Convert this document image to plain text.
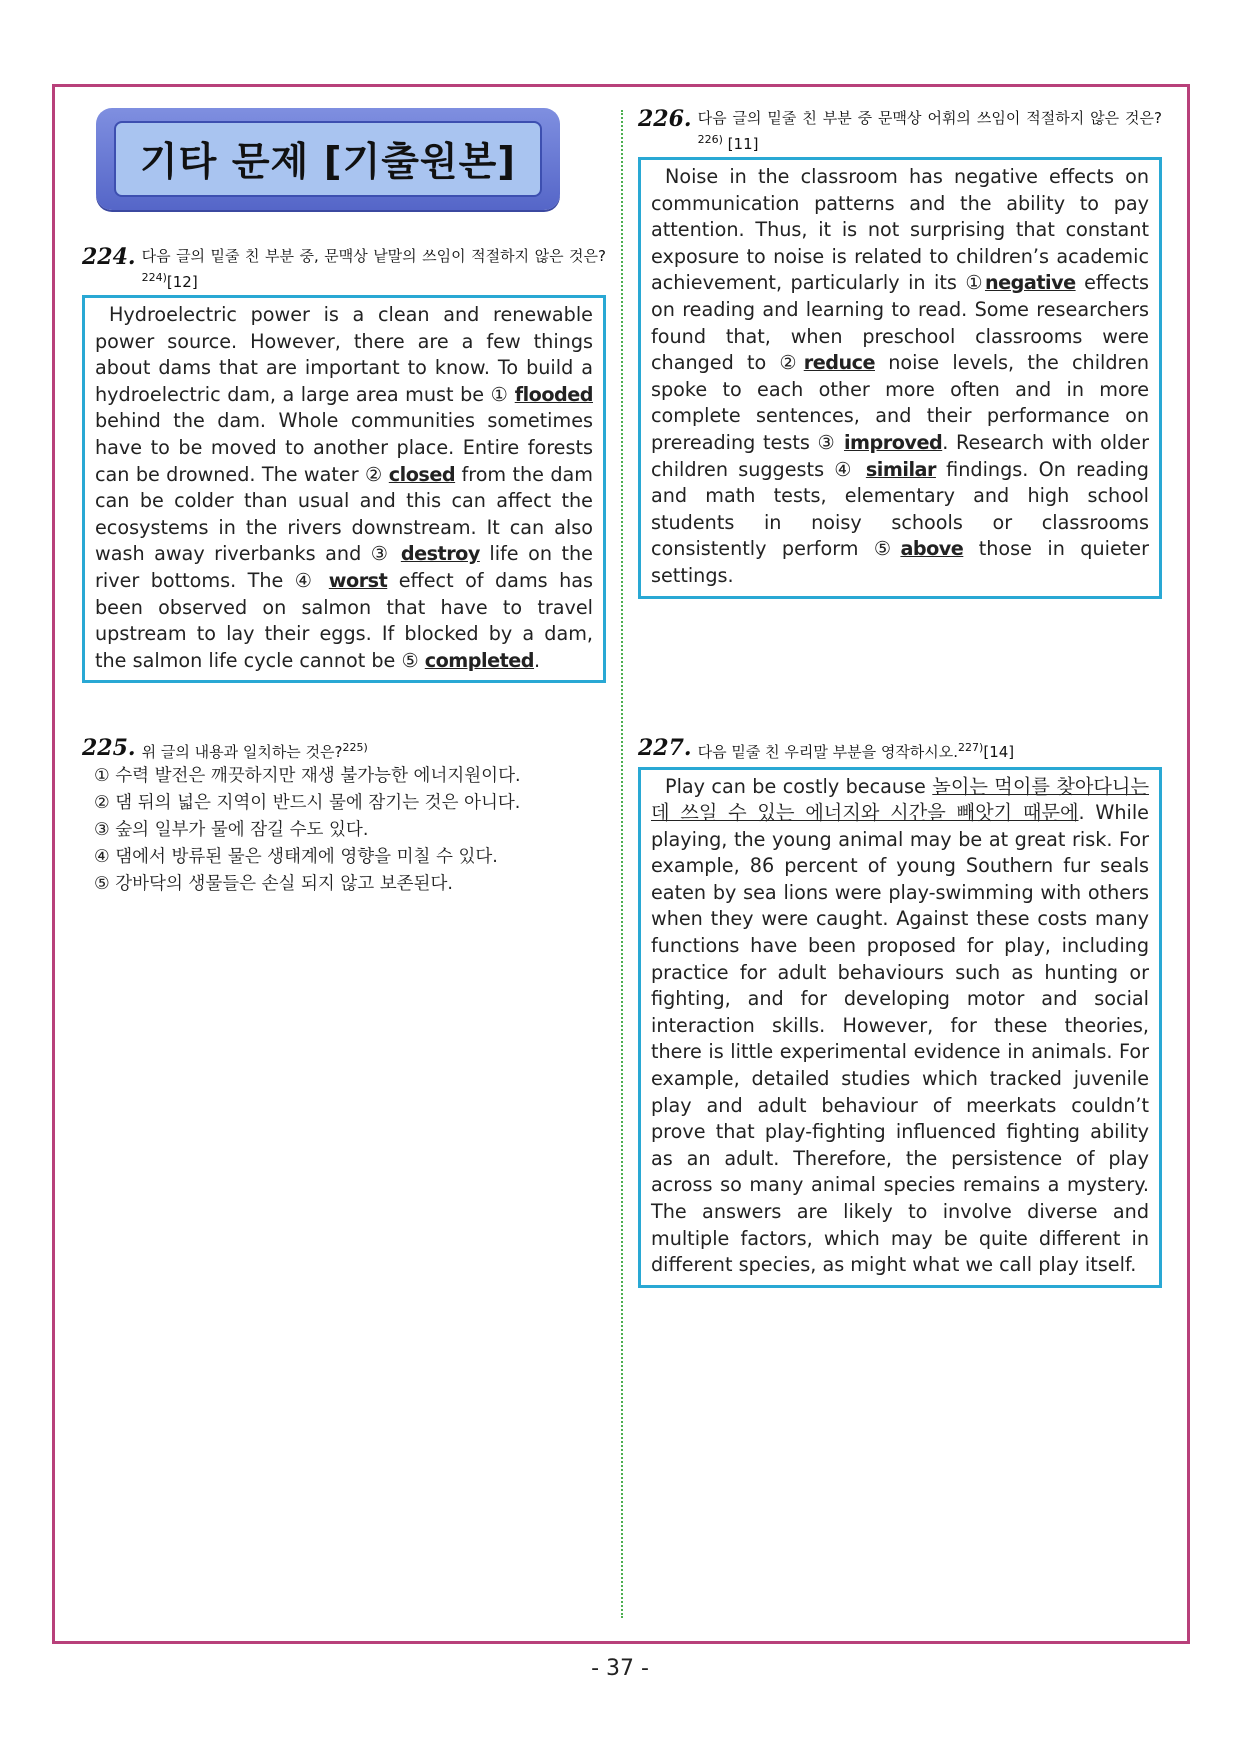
기타 문제 [기출원본]
224. 다음 글의 밑줄 친 부분 중, 문맥상 낱말의 쓰임이 적절하지 않은 것은?$^{224)}$[12]
Hydroelectric power is a clean and renewable power source. However, there are a few things about dams that are important to know. To build a hydroelectric dam, a large area must be ① flooded behind the dam. Whole communities sometimes have to be moved to another place. Entire forests can be drowned. The water ② closed from the dam can be colder than usual and this can affect the ecosystems in the rivers downstream. It can also wash away riverbanks and ③ destroy life on the river bottoms. The ④ worst effect of dams has been observed on salmon that have to travel upstream to lay their eggs. If blocked by a dam, the salmon life cycle cannot be ⑤ completed.
225. 위 글의 내용과 일치하는 것은?$^{225)}$
① 수력 발전은 깨끗하지만 재생 불가능한 에너지원이다.
② 댐 뒤의 넓은 지역이 반드시 물에 잠기는 것은 아니다.
③ 숲의 일부가 물에 잠길 수도 있다.
④ 댐에서 방류된 물은 생태계에 영향을 미칠 수 있다.
⑤ 강바닥의 생물들은 손실 되지 않고 보존된다.
226. 다음 글의 밑줄 친 부분 중 문맥상 어휘의 쓰임이 적절하지 않은 것은?$^{226)}$ [11]
Noise in the classroom has negative effects on communication patterns and the ability to pay attention. Thus, it is not surprising that constant exposure to noise is related to children’s academic achievement, particularly in its ①negative effects on reading and learning to read. Some researchers found that, when preschool classrooms were changed to ②reduce noise levels, the children spoke to each other more often and in more complete sentences, and their performance on prereading tests ③ improved. Research with older children suggests ④ similar findings. On reading and math tests, elementary and high school students in noisy schools or classrooms consistently perform ⑤above those in quieter settings.
227. 다음 밑줄 친 우리말 부분을 영작하시오.$^{227)}$[14]
Play can be costly because 놀이는 먹이를 찾아다니는 데 쓰일 수 있는 에너지와 시간을 빼앗기 때문에. While playing, the young animal may be at great risk. For example, 86 percent of young Southern fur seals eaten by sea lions were play-swimming with others when they were caught. Against these costs many functions have been proposed for play, including practice for adult behaviours such as hunting or fighting, and for developing motor and social interaction skills. However, for these theories, there is little experimental evidence in animals. For example, detailed studies which tracked juvenile play and adult behaviour of meerkats couldn’t prove that play-fighting influenced fighting ability as an adult. Therefore, the persistence of play across so many animal species remains a mystery. The answers are likely to involve diverse and multiple factors, which may be quite different in different species, as might what we call play itself.
- 37 -
